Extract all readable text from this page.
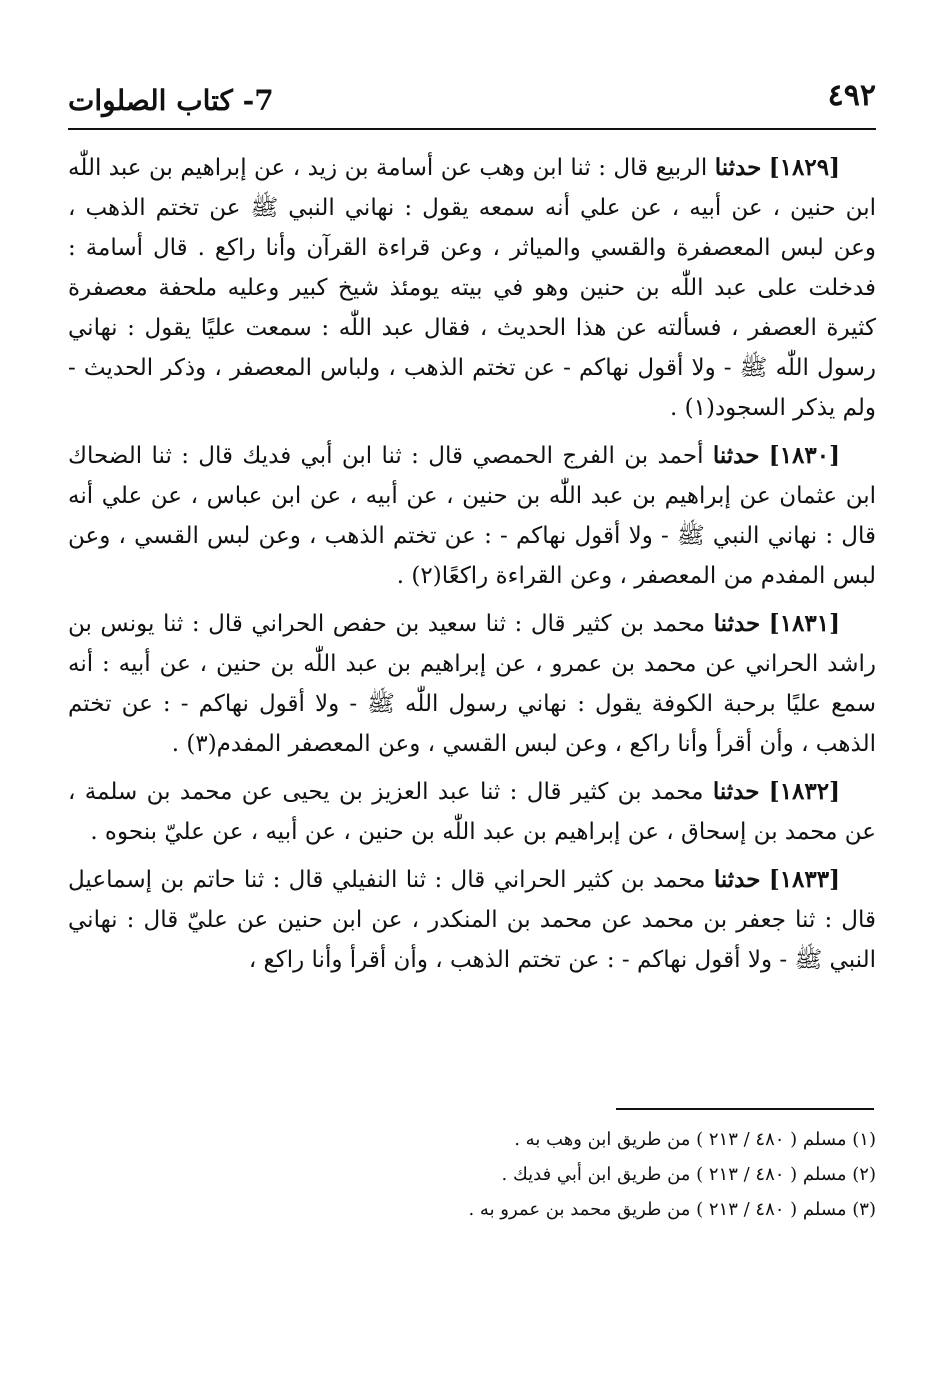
٤٩٢
7- كتاب الصلوات

[١٨٢٩] حدثنا الربيع قال : ثنا ابن وهب عن أسامة بن زيد ، عن إبراهيم بن عبد اللّٰه ابن حنين ، عن أبيه ، عن علي أنه سمعه يقول : نهاني النبي ﷺ عن تختم الذهب ، وعن لبس المعصفرة والقسي والمياثر ، وعن قراءة القرآن وأنا راكع . قال أسامة : فدخلت على عبد اللّٰه بن حنين وهو في بيته يومئذ شيخ كبير وعليه ملحفة معصفرة كثيرة العصفر ، فسألته عن هذا الحديث ، فقال عبد اللّٰه : سمعت عليًا يقول : نهاني رسول اللّٰه ﷺ - ولا أقول نهاكم - عن تختم الذهب ، ولباس المعصفر ، وذكر الحديث - ولم يذكر السجود(١) .

[١٨٣٠] حدثنا أحمد بن الفرج الحمصي قال : ثنا ابن أبي فديك قال : ثنا الضحاك ابن عثمان عن إبراهيم بن عبد اللّٰه بن حنين ، عن أبيه ، عن ابن عباس ، عن علي أنه قال : نهاني النبي ﷺ - ولا أقول نهاكم - : عن تختم الذهب ، وعن لبس القسي ، وعن لبس المفدم من المعصفر ، وعن القراءة راكعًا(٢) .

[١٨٣١] حدثنا محمد بن كثير قال : ثنا سعيد بن حفص الحراني قال : ثنا يونس بن راشد الحراني عن محمد بن عمرو ، عن إبراهيم بن عبد اللّٰه بن حنين ، عن أبيه : أنه سمع عليًا برحبة الكوفة يقول : نهاني رسول اللّٰه ﷺ - ولا أقول نهاكم - : عن تختم الذهب ، وأن أقرأ وأنا راكع ، وعن لبس القسي ، وعن المعصفر المفدم(٣) .

[١٨٣٢] حدثنا محمد بن كثير قال : ثنا عبد العزيز بن يحيى عن محمد بن سلمة ، عن محمد بن إسحاق ، عن إبراهيم بن عبد اللّٰه بن حنين ، عن أبيه ، عن عليّ بنحوه .

[١٨٣٣] حدثنا محمد بن كثير الحراني قال : ثنا النفيلي قال : ثنا حاتم بن إسماعيل قال : ثنا جعفر بن محمد عن محمد بن المنكدر ، عن ابن حنين عن عليّ قال : نهاني النبي ﷺ - ولا أقول نهاكم - : عن تختم الذهب ، وأن أقرأ وأنا راكع ،

(١) مسلم ( ٤٨٠ / ٢١٣ ) من طريق ابن وهب به .

(٢) مسلم ( ٤٨٠ / ٢١٣ ) من طريق ابن أبي فديك .

(٣) مسلم ( ٤٨٠ / ٢١٣ ) من طريق محمد بن عمرو به .
